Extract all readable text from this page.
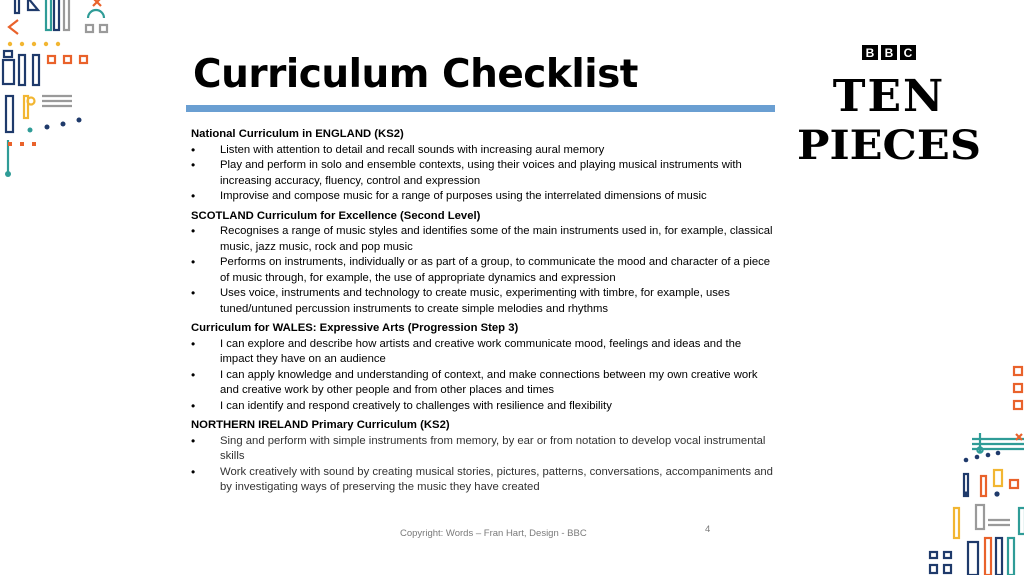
Curriculum Checklist	B B C
TEN
PIECES
National Curriculum in ENGLAND (KS2)
• Listen with attention to detail and recall sounds with increasing aural memory
• Play and perform in solo and ensemble contexts, using their voices and playing musical instruments with increasing accuracy, fluency, control and expression
• Improvise and compose music for a range of purposes using the interrelated dimensions of music
SCOTLAND Curriculum for Excellence (Second Level)
• Recognises a range of music styles and identifies some of the main instruments used in, for example, classical music, jazz music, rock and pop music
• Performs on instruments, individually or as part of a group, to communicate the mood and character of a piece of music through, for example, the use of appropriate dynamics and expression
• Uses voice, instruments and technology to create music, experimenting with timbre, for example, uses tuned/untuned percussion instruments to create simple melodies and rhythms
Curriculum for WALES: Expressive Arts (Progression Step 3)
• I can explore and describe how artists and creative work communicate mood, feelings and ideas and the impact they have on an audience
• I can apply knowledge and understanding of context, and make connections between my own creative work and creative work by other people and from other places and times
• I can identify and respond creatively to challenges with resilience and flexibility
NORTHERN IRELAND Primary Curriculum (KS2)
• Sing and perform with simple instruments from memory, by ear or from notation to develop vocal instrumental skills
• Work creatively with sound by creating musical stories, pictures, patterns, conversations, accompaniments and by investigating ways of preserving the music they have created
Copyright: Words – Fran Hart, Design - BBC	4
